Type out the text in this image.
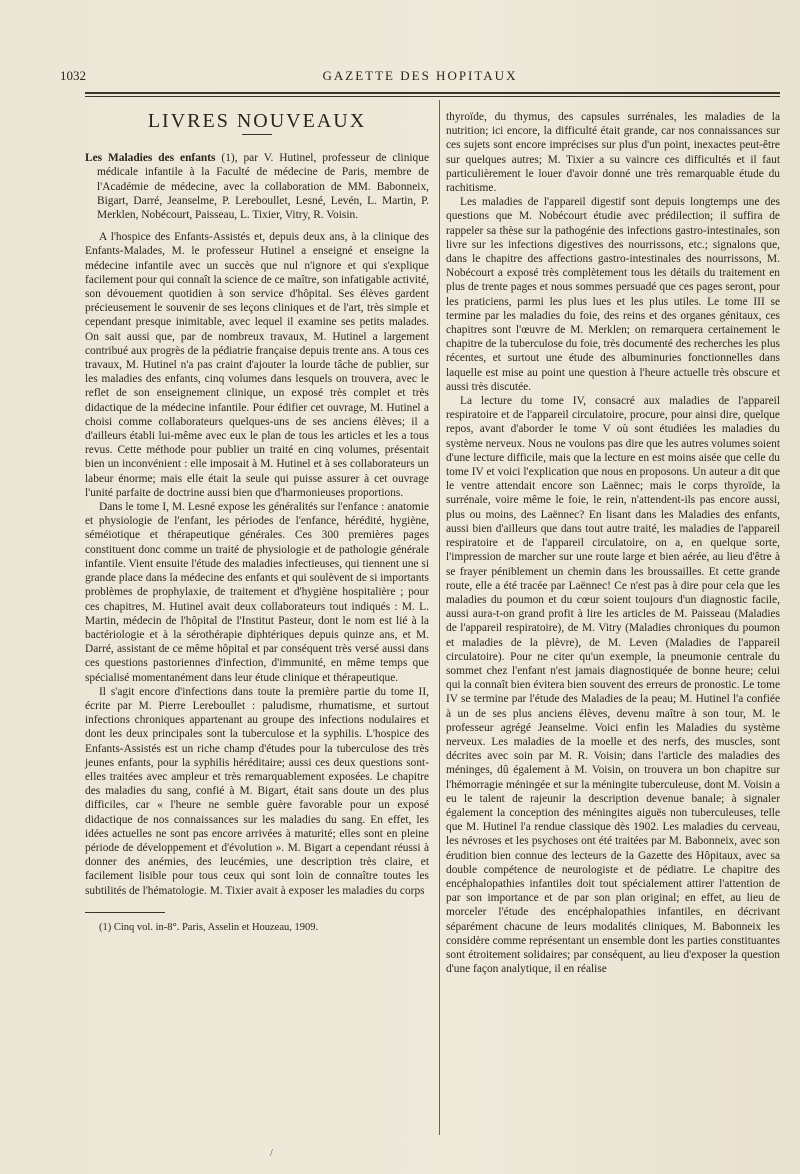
1032	GAZETTE DES HOPITAUX
LIVRES NOUVEAUX

Les Maladies des enfants (1), par V. Hutinel, professeur de clinique médicale infantile à la Faculté de médecine de Paris, membre de l'Académie de médecine, avec la collaboration de MM. Babonneix, Bigart, Darré, Jeanselme, P. Lereboullet, Lesné, Levén, L. Martin, P. Merklen, Nobécourt, Paisseau, L. Tixier, Vitry, R. Voisin.

A l'hospice des Enfants-Assistés et, depuis deux ans, à la clinique des Enfants-Malades, M. le professeur Hutinel a enseigné et enseigne la médecine infantile avec un succès que nul n'ignore et qui s'explique facilement pour qui connaît la science de ce maître, son infatigable activité, son dévouement quotidien à son service d'hôpital. Ses élèves gardent précieusement le souvenir de ses leçons cliniques et de l'art, très simple et cependant presque inimitable, avec lequel il examine ses petits malades. On sait aussi que, par de nombreux travaux, M. Hutinel a largement contribué aux progrès de la pédiatrie française depuis trente ans. A tous ces travaux, M. Hutinel n'a pas craint d'ajouter la lourde tâche de publier, sur les maladies des enfants, cinq volumes dans lesquels on trouvera, avec le reflet de son enseignement clinique, un exposé très complet et très didactique de la médecine infantile. Pour édifier cet ouvrage, M. Hutinel a choisi comme collaborateurs quelques-uns de ses anciens élèves; il a d'ailleurs établi lui-même avec eux le plan de tous les articles et les a tous revus. Cette méthode pour publier un traité en cinq volumes, présentait bien un inconvénient : elle imposait à M. Hutinel et à ses collaborateurs un labeur énorme; mais elle était la seule qui puisse assurer à cet ouvrage l'unité parfaite de doctrine aussi bien que d'harmonieuses proportions.

Dans le tome I, M. Lesné expose les généralités sur l'enfance : anatomie et physiologie de l'enfant, les périodes de l'enfance, hérédité, hygiène, séméiotique et thérapeutique générales. Ces 300 premières pages constituent donc comme un traité de physiologie et de pathologie générale infantile. Vient ensuite l'étude des maladies infectieuses, qui tiennent une si grande place dans la médecine des enfants et qui soulèvent de si importants problèmes de prophylaxie, de traitement et d'hygiène hospitalière ; pour ces chapitres, M. Hutinel avait deux collaborateurs tout indiqués : M. L. Martin, médecin de l'hôpital de l'Institut Pasteur, dont le nom est lié à la bactériologie et à la sérothérapie diphtériques depuis quinze ans, et M. Darré, assistant de ce même hôpital et par conséquent très versé aussi dans ces questions pastoriennes d'infection, d'immunité, en même temps que spécialisé momentanément dans leur étude clinique et thérapeutique.

Il s'agit encore d'infections dans toute la première partie du tome II, écrite par M. Pierre Lereboullet : paludisme, rhumatisme, et surtout infections chroniques appartenant au groupe des infections nodulaires et dont les deux principales sont la tuberculose et la syphilis. L'hospice des Enfants-Assistés est un riche champ d'études pour la tuberculose des très jeunes enfants, pour la syphilis héréditaire; aussi ces deux questions sont-elles traitées avec ampleur et très remarquablement exposées. Le chapitre des maladies du sang, confié à M. Bigart, était sans doute un des plus difficiles, car « l'heure ne semble guère favorable pour un exposé didactique de nos connaissances sur les maladies du sang. En effet, les idées actuelles ne sont pas encore arrivées à maturité; elles sont en pleine période de développement et d'évolution ». M. Bigart a cependant réussi à donner des anémies, des leucémies, une description très claire, et facilement lisible pour tous ceux qui sont loin de connaître toutes les subtilités de l'hématologie. M. Tixier avait à exposer les maladies du corps

(1) Cinq vol. in-8°. Paris, Asselin et Houzeau, 1909.

thyroïde, du thymus, des capsules surrénales, les maladies de la nutrition; ici encore, la difficulté était grande, car nos connaissances sur ces sujets sont encore imprécises sur plus d'un point, inexactes peut-être sur quelques autres; M. Tixier a su vaincre ces difficultés et il faut particulièrement le louer d'avoir donné une très remarquable étude du rachitisme.

Les maladies de l'appareil digestif sont depuis longtemps une des questions que M. Nobécourt étudie avec prédilection; il suffira de rappeler sa thèse sur la pathogénie des infections gastro-intestinales, son livre sur les infections digestives des nourrissons, etc.; signalons que, dans le chapitre des affections gastro-intestinales des nourrissons, M. Nobécourt a exposé très complètement tous les détails du traitement en plus de trente pages et nous sommes persuadé que ces pages seront, pour les praticiens, parmi les plus lues et les plus utiles. Le tome III se termine par les maladies du foie, des reins et des organes génitaux, ces chapitres sont l'œuvre de M. Merklen; on remarquera certainement le chapitre de la tuberculose du foie, très documenté des recherches les plus récentes, et surtout une étude des albuminuries fonctionnelles dans laquelle est mise au point une question à l'heure actuelle très obscure et aussi très discutée.

La lecture du tome IV, consacré aux maladies de l'appareil respiratoire et de l'appareil circulatoire, procure, pour ainsi dire, quelque repos, avant d'aborder le tome V où sont étudiées les maladies du système nerveux. Nous ne voulons pas dire que les autres volumes soient d'une lecture difficile, mais que la lecture en est moins aisée que celle du tome IV et voici l'explication que nous en proposons. Un auteur a dit que le ventre attendait encore son Laënnec; mais le corps thyroïde, la surrénale, voire même le foie, le rein, n'attendent-ils pas encore aussi, plus ou moins, des Laënnec? En lisant dans les Maladies des enfants, aussi bien d'ailleurs que dans tout autre traité, les maladies de l'appareil respiratoire et de l'appareil circulatoire, on a, en quelque sorte, l'impression de marcher sur une route large et bien aérée, au lieu d'être à se frayer péniblement un chemin dans les broussailles. Et cette grande route, elle a été tracée par Laënnec! Ce n'est pas à dire pour cela que les maladies du poumon et du cœur soient toujours d'un diagnostic facile, aussi aura-t-on grand profit à lire les articles de M. Paisseau (Maladies de l'appareil respiratoire), de M. Vitry (Maladies chroniques du poumon et maladies de la plèvre), de M. Leven (Maladies de l'appareil circulatoire). Pour ne citer qu'un exemple, la pneumonie centrale du sommet chez l'enfant n'est jamais diagnostiquée de bonne heure; celui qui la connaît bien évitera bien souvent des erreurs de pronostic. Le tome IV se termine par l'étude des Maladies de la peau; M. Hutinel l'a confiée à un de ses plus anciens élèves, devenu maître à son tour, M. le professeur agrégé Jeanselme. Voici enfin les Maladies du système nerveux. Les maladies de la moelle et des nerfs, des muscles, sont décrites avec soin par M. R. Voisin; dans l'article des maladies des méninges, dû également à M. Voisin, on trouvera un bon chapitre sur l'hémorragie méningée et sur la méningite tuberculeuse, dont M. Voisin a eu le talent de rajeunir la description devenue banale; à signaler également la conception des méningites aiguës non tuberculeuses, telle que M. Hutinel l'a rendue classique dès 1902. Les maladies du cerveau, les névroses et les psychoses ont été traitées par M. Babonneix, avec son érudition bien connue des lecteurs de la Gazette des Hôpitaux, avec sa double compétence de neurologiste et de pédiatre. Le chapitre des encéphalopathies infantiles doit tout spécialement attirer l'attention de par son importance et de par son plan original; en effet, au lieu de morceler l'étude des encéphalopathies infantiles, en décrivant séparément chacune de leurs modalités cliniques, M. Babonneix les considère comme représentant un ensemble dont les parties constituantes sont étroitement solidaires; par conséquent, au lieu d'exposer la question d'une façon analytique, il en réalise

/
